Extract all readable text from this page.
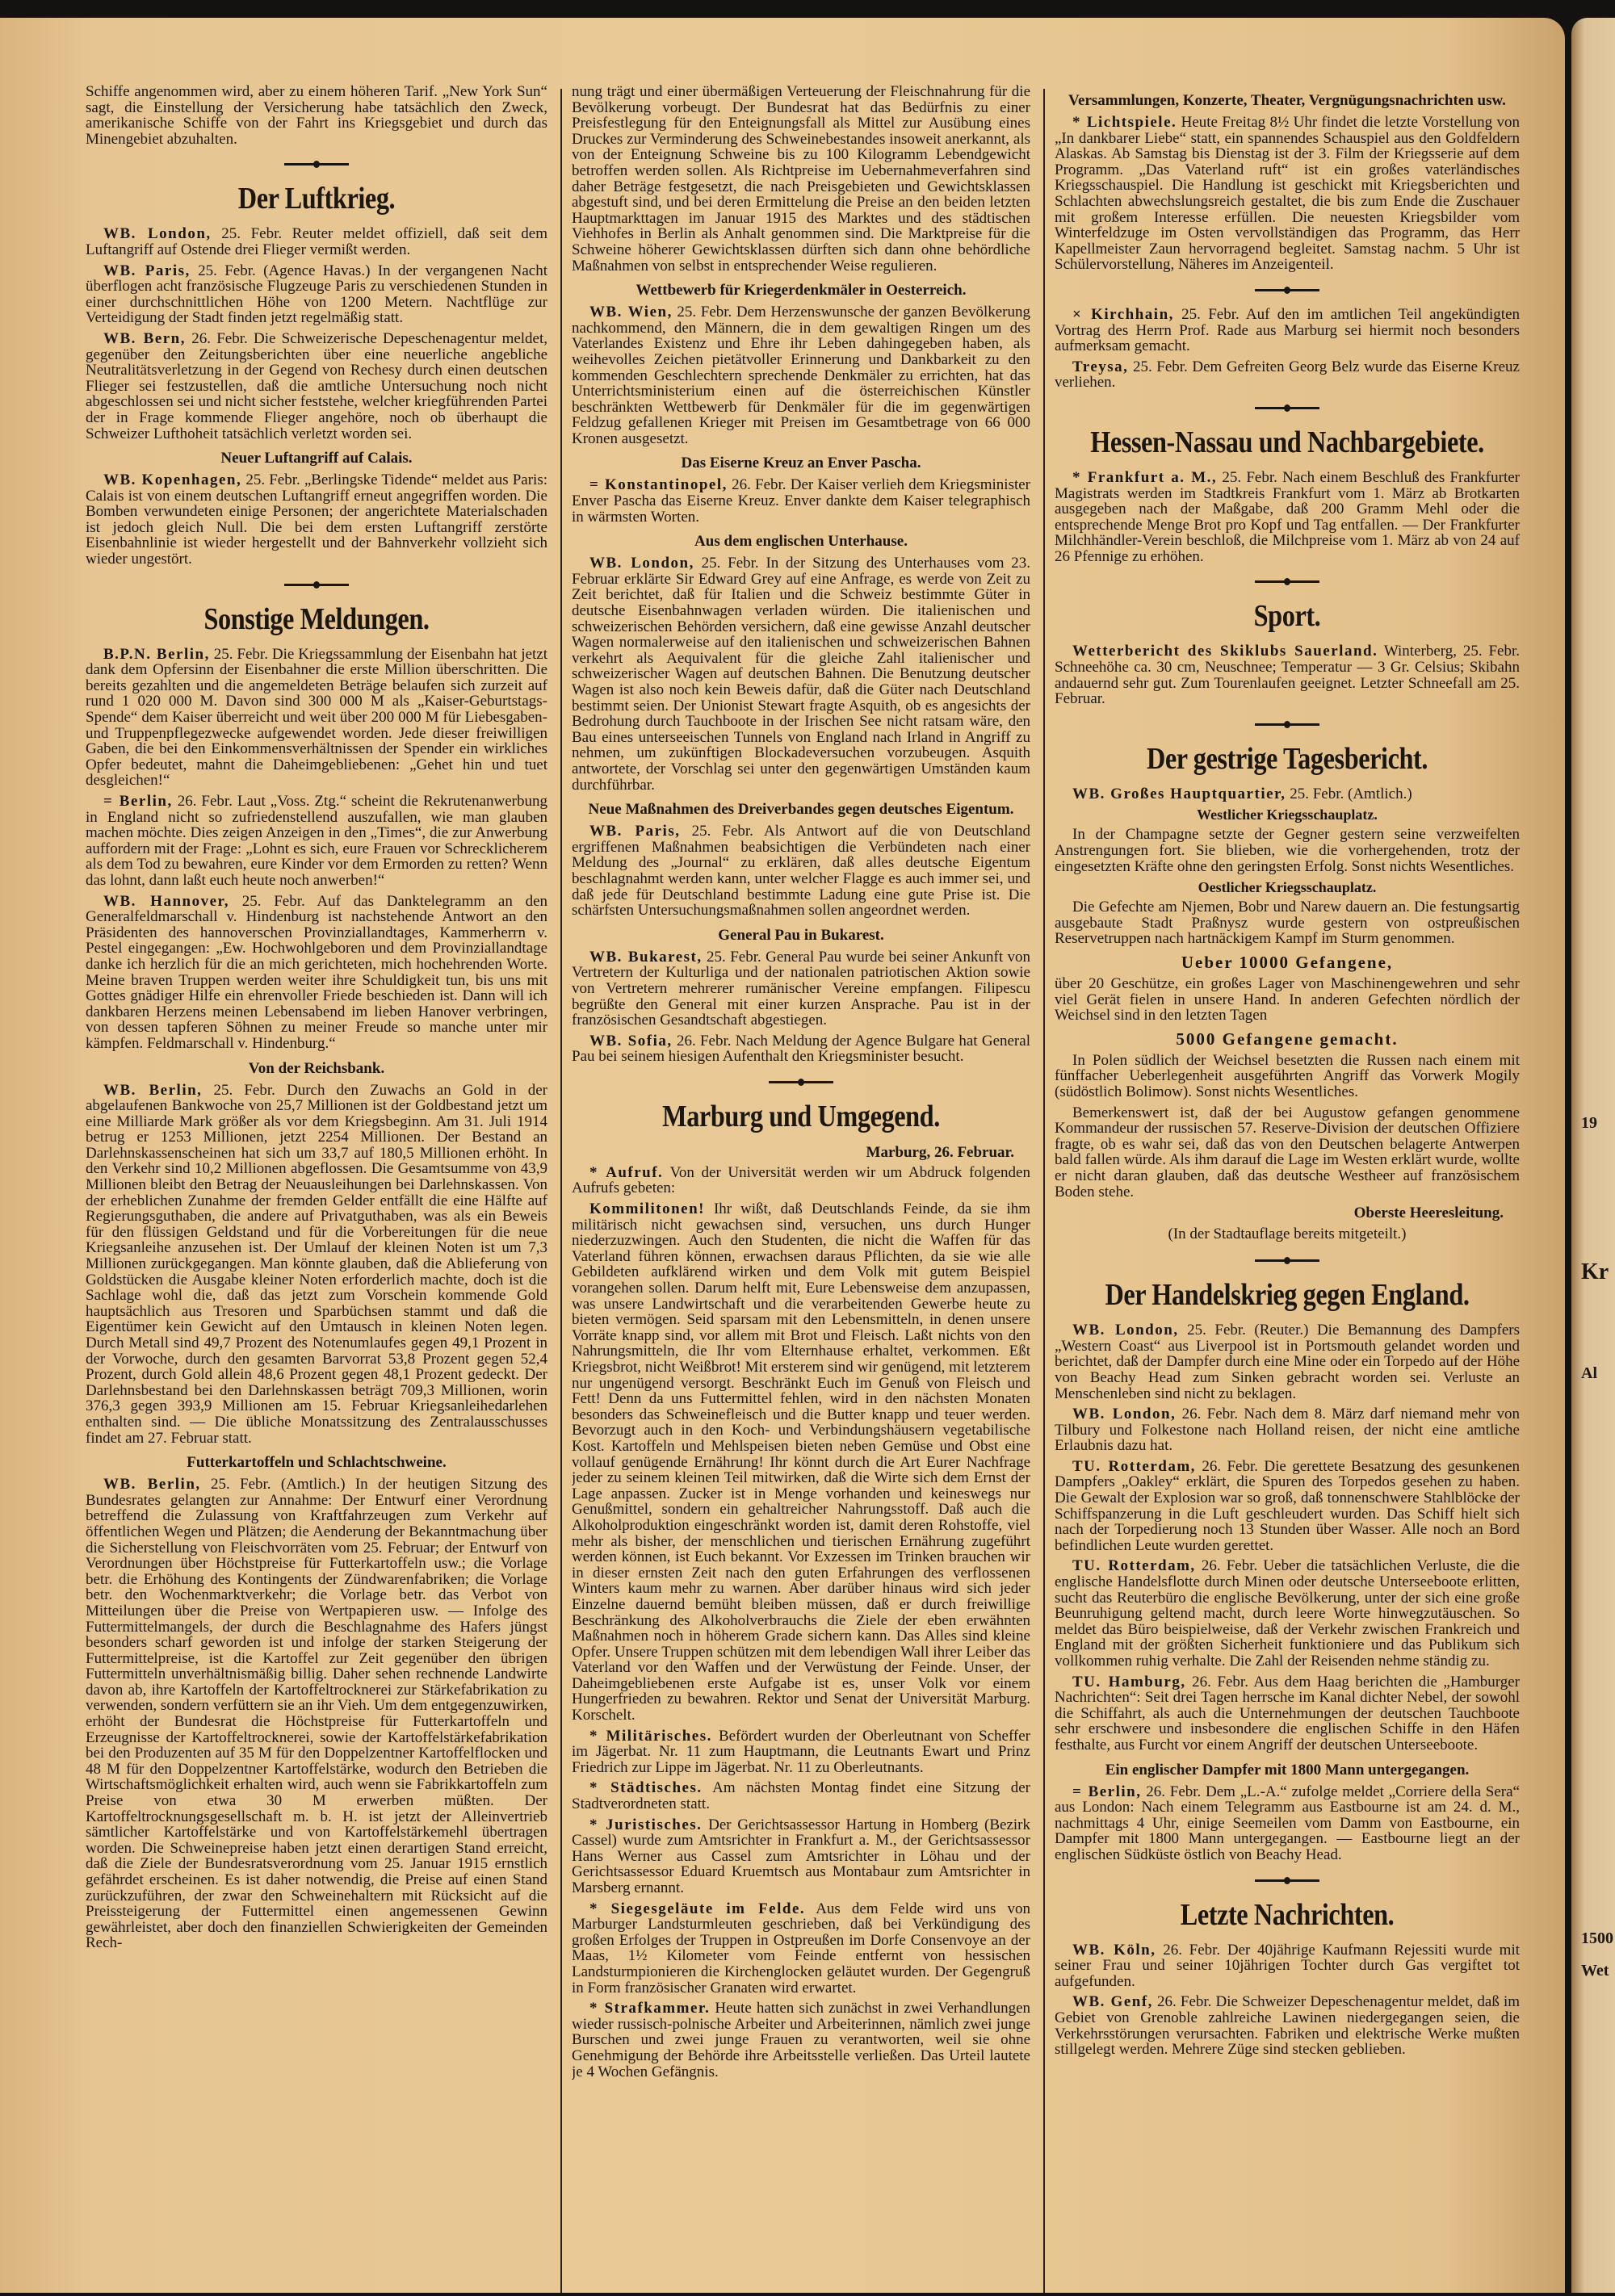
Schiffe angenommen wird, aber zu einem höheren Tarif. „New York Sun“ sagt, die Einstellung der Versicherung habe tatsächlich den Zweck, amerikanische Schiffe von der Fahrt ins Kriegsgebiet und durch das Minengebiet abzuhalten.

Der Luftkrieg.

WB. London, 25. Febr. Reuter meldet offiziell, daß seit dem Luftangriff auf Ostende drei Flieger vermißt werden.

WB. Paris, 25. Febr. (Agence Havas.) In der vergangenen Nacht überflogen acht französische Flugzeuge Paris zu verschiedenen Stunden in einer durchschnittlichen Höhe von 1200 Metern. Nachtflüge zur Verteidigung der Stadt finden jetzt regelmäßig statt.

WB. Bern, 26. Febr. Die Schweizerische Depeschenagentur meldet, gegenüber den Zeitungsberichten über eine neuerliche angebliche Neutralitätsverletzung in der Gegend von Rechesy durch einen deutschen Flieger sei festzustellen, daß die amtliche Untersuchung noch nicht abgeschlossen sei und nicht sicher feststehe, welcher kriegführenden Partei der in Frage kommende Flieger angehöre, noch ob überhaupt die Schweizer Lufthoheit tatsächlich verletzt worden sei.

Neuer Luftangriff auf Calais.

WB. Kopenhagen, 25. Febr. „Berlingske Tidende“ meldet aus Paris: Calais ist von einem deutschen Luftangriff erneut angegriffen worden. Die Bomben verwundeten einige Personen; der angerichtete Materialschaden ist jedoch gleich Null. Die bei dem ersten Luftangriff zerstörte Eisenbahnlinie ist wieder hergestellt und der Bahnverkehr vollzieht sich wieder ungestört.

Sonstige Meldungen.

B.P.N. Berlin, 25. Febr. Die Kriegssammlung der Eisenbahn hat jetzt dank dem Opfersinn der Eisenbahner die erste Million überschritten. Die bereits gezahlten und die angemeldeten Beträge belaufen sich zurzeit auf rund 1 020 000 M. Davon sind 300 000 M als „Kaiser-Geburtstags-Spende“ dem Kaiser überreicht und weit über 200 000 M für Liebesgaben- und Truppenpflegezwecke aufgewendet worden. Jede dieser freiwilligen Gaben, die bei den Einkommensverhältnissen der Spender ein wirkliches Opfer bedeutet, mahnt die Daheimgebliebenen: „Gehet hin und tuet desgleichen!“

= Berlin, 26. Febr. Laut „Voss. Ztg.“ scheint die Rekrutenanwerbung in England nicht so zufriedenstellend auszufallen, wie man glauben machen möchte. Dies zeigen Anzeigen in den „Times“, die zur Anwerbung auffordern mit der Frage: „Lohnt es sich, eure Frauen vor Schrecklicherem als dem Tod zu bewahren, eure Kinder vor dem Ermorden zu retten? Wenn das lohnt, dann laßt euch heute noch anwerben!“

WB. Hannover, 25. Febr. Auf das Danktelegramm an den Generalfeldmarschall v. Hindenburg ist nachstehende Antwort an den Präsidenten des hannoverschen Provinziallandtages, Kammerherrn v. Pestel eingegangen: „Ew. Hochwohlgeboren und dem Provinziallandtage danke ich herzlich für die an mich gerichteten, mich hochehrenden Worte. Meine braven Truppen werden weiter ihre Schuldigkeit tun, bis uns mit Gottes gnädiger Hilfe ein ehrenvoller Friede beschieden ist. Dann will ich dankbaren Herzens meinen Lebensabend im lieben Hanover verbringen, von dessen tapferen Söhnen zu meiner Freude so manche unter mir kämpfen. Feldmarschall v. Hindenburg.“

Von der Reichsbank.

WB. Berlin, 25. Febr. Durch den Zuwachs an Gold in der abgelaufenen Bankwoche von 25,7 Millionen ist der Goldbestand jetzt um eine Milliarde Mark größer als vor dem Kriegsbeginn. Am 31. Juli 1914 betrug er 1253 Millionen, jetzt 2254 Millionen. Der Bestand an Darlehnskassenscheinen hat sich um 33,7 auf 180,5 Millionen erhöht. In den Verkehr sind 10,2 Millionen abgeflossen. Die Gesamtsumme von 43,9 Millionen bleibt den Betrag der Neuausleihungen bei Darlehnskassen. Von der erheblichen Zunahme der fremden Gelder entfällt die eine Hälfte auf Regierungsguthaben, die andere auf Privatguthaben, was als ein Beweis für den flüssigen Geldstand und für die Vorbereitungen für die neue Kriegsanleihe anzusehen ist. Der Umlauf der kleinen Noten ist um 7,3 Millionen zurückgegangen. Man könnte glauben, daß die Ablieferung von Goldstücken die Ausgabe kleiner Noten erforderlich machte, doch ist die Sachlage wohl die, daß das jetzt zum Vorschein kommende Gold hauptsächlich aus Tresoren und Sparbüchsen stammt und daß die Eigentümer kein Gewicht auf den Umtausch in kleinen Noten legen. Durch Metall sind 49,7 Prozent des Notenumlaufes gegen 49,1 Prozent in der Vorwoche, durch den gesamten Barvorrat 53,8 Prozent gegen 52,4 Prozent, durch Gold allein 48,6 Prozent gegen 48,1 Prozent gedeckt. Der Darlehnsbestand bei den Darlehnskassen beträgt 709,3 Millionen, worin 376,3 gegen 393,9 Millionen am 15. Februar Kriegsanleihedarlehen enthalten sind. — Die übliche Monatssitzung des Zentralausschusses findet am 27. Februar statt.

Futterkartoffeln und Schlachtschweine.

WB. Berlin, 25. Febr. (Amtlich.) In der heutigen Sitzung des Bundesrates gelangten zur Annahme: Der Entwurf einer Verordnung betreffend die Zulassung von Kraftfahrzeugen zum Verkehr auf öffentlichen Wegen und Plätzen; die Aenderung der Bekanntmachung über die Sicherstellung von Fleischvorräten vom 25. Februar; der Entwurf von Verordnungen über Höchstpreise für Futterkartoffeln usw.; die Vorlage betr. die Erhöhung des Kontingents der Zündwarenfabriken; die Vorlage betr. den Wochenmarktverkehr; die Vorlage betr. das Verbot von Mitteilungen über die Preise von Wertpapieren usw. — Infolge des Futtermittelmangels, der durch die Beschlagnahme des Hafers jüngst besonders scharf geworden ist und infolge der starken Steigerung der Futtermittelpreise, ist die Kartoffel zur Zeit gegenüber den übrigen Futtermitteln unverhältnismäßig billig. Daher sehen rechnende Landwirte davon ab, ihre Kartoffeln der Kartoffeltrocknerei zur Stärkefabrikation zu verwenden, sondern verfüttern sie an ihr Vieh. Um dem entgegenzuwirken, erhöht der Bundesrat die Höchstpreise für Futterkartoffeln und Erzeugnisse der Kartoffeltrocknerei, sowie der Kartoffelstärkefabrikation bei den Produzenten auf 35 M für den Doppelzentner Kartoffelflocken und 48 M für den Doppelzentner Kartoffelstärke, wodurch den Betrieben die Wirtschaftsmöglichkeit erhalten wird, auch wenn sie Fabrikkartoffeln zum Preise von etwa 30 M erwerben müßten. Der Kartoffeltrocknungsgesellschaft m. b. H. ist jetzt der Alleinvertrieb sämtlicher Kartoffelstärke und von Kartoffelstärkemehl übertragen worden. Die Schweinepreise haben jetzt einen derartigen Stand erreicht, daß die Ziele der Bundesratsverordnung vom 25. Januar 1915 ernstlich gefährdet erscheinen. Es ist daher notwendig, die Preise auf einen Stand zurückzuführen, der zwar den Schweinehaltern mit Rücksicht auf die Preissteigerung der Futtermittel einen angemessenen Gewinn gewährleistet, aber doch den finanziellen Schwierigkeiten der Gemeinden Rech-

nung trägt und einer übermäßigen Verteuerung der Fleischnahrung für die Bevölkerung vorbeugt. Der Bundesrat hat das Bedürfnis zu einer Preisfestlegung für den Enteignungsfall als Mittel zur Ausübung eines Druckes zur Verminderung des Schweinebestandes insoweit anerkannt, als von der Enteignung Schweine bis zu 100 Kilogramm Lebendgewicht betroffen werden sollen. Als Richtpreise im Uebernahmeverfahren sind daher Beträge festgesetzt, die nach Preisgebieten und Gewichtsklassen abgestuft sind, und bei deren Ermittelung die Preise an den beiden letzten Hauptmarkttagen im Januar 1915 des Marktes und des städtischen Viehhofes in Berlin als Anhalt genommen sind. Die Marktpreise für die Schweine höherer Gewichtsklassen dürften sich dann ohne behördliche Maßnahmen von selbst in entsprechender Weise regulieren.

Wettbewerb für Kriegerdenkmäler in Oesterreich.

WB. Wien, 25. Febr. Dem Herzenswunsche der ganzen Bevölkerung nachkommend, den Männern, die in dem gewaltigen Ringen um des Vaterlandes Existenz und Ehre ihr Leben dahingegeben haben, als weihevolles Zeichen pietätvoller Erinnerung und Dankbarkeit zu den kommenden Geschlechtern sprechende Denkmäler zu errichten, hat das Unterrichtsministerium einen auf die österreichischen Künstler beschränkten Wettbewerb für Denkmäler für die im gegenwärtigen Feldzug gefallenen Krieger mit Preisen im Gesamtbetrage von 66 000 Kronen ausgesetzt.

Das Eiserne Kreuz an Enver Pascha.

= Konstantinopel, 26. Febr. Der Kaiser verlieh dem Kriegsminister Enver Pascha das Eiserne Kreuz. Enver dankte dem Kaiser telegraphisch in wärmsten Worten.

Aus dem englischen Unterhause.

WB. London, 25. Febr. In der Sitzung des Unterhauses vom 23. Februar erklärte Sir Edward Grey auf eine Anfrage, es werde von Zeit zu Zeit berichtet, daß für Italien und die Schweiz bestimmte Güter in deutsche Eisenbahnwagen verladen würden. Die italienischen und schweizerischen Behörden versichern, daß eine gewisse Anzahl deutscher Wagen normalerweise auf den italienischen und schweizerischen Bahnen verkehrt als Aequivalent für die gleiche Zahl italienischer und schweizerischer Wagen auf deutschen Bahnen. Die Benutzung deutscher Wagen ist also noch kein Beweis dafür, daß die Güter nach Deutschland bestimmt seien. Der Unionist Stewart fragte Asquith, ob es angesichts der Bedrohung durch Tauchboote in der Irischen See nicht ratsam wäre, den Bau eines unterseeischen Tunnels von England nach Irland in Angriff zu nehmen, um zukünftigen Blockadeversuchen vorzubeugen. Asquith antwortete, der Vorschlag sei unter den gegenwärtigen Umständen kaum durchführbar.

Neue Maßnahmen des Dreiverbandes gegen deutsches Eigentum.

WB. Paris, 25. Febr. Als Antwort auf die von Deutschland ergriffenen Maßnahmen beabsichtigen die Verbündeten nach einer Meldung des „Journal“ zu erklären, daß alles deutsche Eigentum beschlagnahmt werden kann, unter welcher Flagge es auch immer sei, und daß jede für Deutschland bestimmte Ladung eine gute Prise ist. Die schärfsten Untersuchungsmaßnahmen sollen angeordnet werden.

General Pau in Bukarest.

WB. Bukarest, 25. Febr. General Pau wurde bei seiner Ankunft von Vertretern der Kulturliga und der nationalen patriotischen Aktion sowie von Vertretern mehrerer rumänischer Vereine empfangen. Filipescu begrüßte den General mit einer kurzen Ansprache. Pau ist in der französischen Gesandtschaft abgestiegen.

WB. Sofia, 26. Febr. Nach Meldung der Agence Bulgare hat General Pau bei seinem hiesigen Aufenthalt den Kriegsminister besucht.

Marburg und Umgegend.
Marburg, 26. Februar.

* Aufruf. Von der Universität werden wir um Abdruck folgenden Aufrufs gebeten:

Kommilitonen! Ihr wißt, daß Deutschlands Feinde, da sie ihm militärisch nicht gewachsen sind, versuchen, uns durch Hunger niederzuzwingen. Auch den Studenten, die nicht die Waffen für das Vaterland führen können, erwachsen daraus Pflichten, da sie wie alle Gebildeten aufklärend wirken und dem Volk mit gutem Beispiel vorangehen sollen. Darum helft mit, Eure Lebensweise dem anzupassen, was unsere Landwirtschaft und die verarbeitenden Gewerbe heute zu bieten vermögen. Seid sparsam mit den Lebensmitteln, in denen unsere Vorräte knapp sind, vor allem mit Brot und Fleisch. Laßt nichts von den Nahrungsmitteln, die Ihr vom Elternhause erhaltet, verkommen. Eßt Kriegsbrot, nicht Weißbrot! Mit ersterem sind wir genügend, mit letzterem nur ungenügend versorgt. Beschränkt Euch im Genuß von Fleisch und Fett! Denn da uns Futtermittel fehlen, wird in den nächsten Monaten besonders das Schweinefleisch und die Butter knapp und teuer werden. Bevorzugt auch in den Koch- und Verbindungshäusern vegetabilische Kost. Kartoffeln und Mehlspeisen bieten neben Gemüse und Obst eine vollauf genügende Ernährung! Ihr könnt durch die Art Eurer Nachfrage jeder zu seinem kleinen Teil mitwirken, daß die Wirte sich dem Ernst der Lage anpassen. Zucker ist in Menge vorhanden und keineswegs nur Genußmittel, sondern ein gehaltreicher Nahrungsstoff. Daß auch die Alkoholproduktion eingeschränkt worden ist, damit deren Rohstoffe, viel mehr als bisher, der menschlichen und tierischen Ernährung zugeführt werden können, ist Euch bekannt. Vor Exzessen im Trinken brauchen wir in dieser ernsten Zeit nach den guten Erfahrungen des verflossenen Winters kaum mehr zu warnen. Aber darüber hinaus wird sich jeder Einzelne dauernd bemüht bleiben müssen, daß er durch freiwillige Beschränkung des Alkoholverbrauchs die Ziele der eben erwähnten Maßnahmen noch in höherem Grade sichern kann. Das Alles sind kleine Opfer. Unsere Truppen schützen mit dem lebendigen Wall ihrer Leiber das Vaterland vor den Waffen und der Verwüstung der Feinde. Unser, der Daheimgebliebenen erste Aufgabe ist es, unser Volk vor einem Hungerfrieden zu bewahren. Rektor und Senat der Universität Marburg. Korschelt.

* Militärisches. Befördert wurden der Oberleutnant von Scheffer im Jägerbat. Nr. 11 zum Hauptmann, die Leutnants Ewart und Prinz Friedrich zur Lippe im Jägerbat. Nr. 11 zu Oberleutnants.

* Städtisches. Am nächsten Montag findet eine Sitzung der Stadtverordneten statt.

* Juristisches. Der Gerichtsassessor Hartung in Homberg (Bezirk Cassel) wurde zum Amtsrichter in Frankfurt a. M., der Gerichtsassessor Hans Werner aus Cassel zum Amtsrichter in Löhau und der Gerichtsassessor Eduard Kruemtsch aus Montabaur zum Amtsrichter in Marsberg ernannt.

* Siegesgeläute im Felde. Aus dem Felde wird uns von Marburger Landsturmleuten geschrieben, daß bei Verkündigung des großen Erfolges der Truppen in Ostpreußen im Dorfe Consenvoye an der Maas, 1½ Kilometer vom Feinde entfernt von hessischen Landsturmpionieren die Kirchenglocken geläutet wurden. Der Gegengruß in Form französischer Granaten wird erwartet.

* Strafkammer. Heute hatten sich zunächst in zwei Verhandlungen wieder russisch-polnische Arbeiter und Arbeiterinnen, nämlich zwei junge Burschen und zwei junge Frauen zu verantworten, weil sie ohne Genehmigung der Behörde ihre Arbeitsstelle verließen. Das Urteil lautete je 4 Wochen Gefängnis.

Versammlungen, Konzerte, Theater, Vergnügungsnachrichten usw.

* Lichtspiele. Heute Freitag 8½ Uhr findet die letzte Vorstellung von „In dankbarer Liebe“ statt, ein spannendes Schauspiel aus den Goldfeldern Alaskas. Ab Samstag bis Dienstag ist der 3. Film der Kriegsserie auf dem Programm. „Das Vaterland ruft“ ist ein großes vaterländisches Kriegsschauspiel. Die Handlung ist geschickt mit Kriegsberichten und Schlachten abwechslungsreich gestaltet, die bis zum Ende die Zuschauer mit großem Interesse erfüllen. Die neuesten Kriegsbilder vom Winterfeldzuge im Osten vervollständigen das Programm, das Herr Kapellmeister Zaun hervorragend begleitet. Samstag nachm. 5 Uhr ist Schülervorstellung, Näheres im Anzeigenteil.

× Kirchhain, 25. Febr. Auf den im amtlichen Teil angekündigten Vortrag des Herrn Prof. Rade aus Marburg sei hiermit noch besonders aufmerksam gemacht.

Treysa, 25. Febr. Dem Gefreiten Georg Belz wurde das Eiserne Kreuz verliehen.

Hessen-Nassau und Nachbargebiete.

* Frankfurt a. M., 25. Febr. Nach einem Beschluß des Frankfurter Magistrats werden im Stadtkreis Frankfurt vom 1. März ab Brotkarten ausgegeben nach der Maßgabe, daß 200 Gramm Mehl oder die entsprechende Menge Brot pro Kopf und Tag entfallen. — Der Frankfurter Milchhändler-Verein beschloß, die Milchpreise vom 1. März ab von 24 auf 26 Pfennige zu erhöhen.

Sport.

Wetterbericht des Skiklubs Sauerland. Winterberg, 25. Febr. Schneehöhe ca. 30 cm, Neuschnee; Temperatur — 3 Gr. Celsius; Skibahn andauernd sehr gut. Zum Tourenlaufen geeignet. Letzter Schneefall am 25. Februar.

Der gestrige Tagesbericht.

WB. Großes Hauptquartier, 25. Febr. (Amtlich.)

Westlicher Kriegsschauplatz.

In der Champagne setzte der Gegner gestern seine verzweifelten Anstrengungen fort. Sie blieben, wie die vorhergehenden, trotz der eingesetzten Kräfte ohne den geringsten Erfolg. Sonst nichts Wesentliches.

Oestlicher Kriegsschauplatz.

Die Gefechte am Njemen, Bobr und Narew dauern an. Die festungsartig ausgebaute Stadt Praßnysz wurde gestern von ostpreußischen Reservetruppen nach hartnäckigem Kampf im Sturm genommen.

Ueber 10000 Gefangene,

über 20 Geschütze, ein großes Lager von Maschinengewehren und sehr viel Gerät fielen in unsere Hand. In anderen Gefechten nördlich der Weichsel sind in den letzten Tagen

5000 Gefangene gemacht.

In Polen südlich der Weichsel besetzten die Russen nach einem mit fünffacher Ueberlegenheit ausgeführten Angriff das Vorwerk Mogily (südöstlich Bolimow). Sonst nichts Wesentliches.

Bemerkenswert ist, daß der bei Augustow gefangen genommene Kommandeur der russischen 57. Reserve-Division der deutschen Offiziere fragte, ob es wahr sei, daß das von den Deutschen belagerte Antwerpen bald fallen würde. Als ihm darauf die Lage im Westen erklärt wurde, wollte er nicht daran glauben, daß das deutsche Westheer auf französischem Boden stehe.

Oberste Heeresleitung.
(In der Stadtauflage bereits mitgeteilt.)
Der Handelskrieg gegen England.

WB. London, 25. Febr. (Reuter.) Die Bemannung des Dampfers „Western Coast“ aus Liverpool ist in Portsmouth gelandet worden und berichtet, daß der Dampfer durch eine Mine oder ein Torpedo auf der Höhe von Beachy Head zum Sinken gebracht worden sei. Verluste an Menschenleben sind nicht zu beklagen.

WB. London, 26. Febr. Nach dem 8. März darf niemand mehr von Tilbury und Folkestone nach Holland reisen, der nicht eine amtliche Erlaubnis dazu hat.

TU. Rotterdam, 26. Febr. Die gerettete Besatzung des gesunkenen Dampfers „Oakley“ erklärt, die Spuren des Torpedos gesehen zu haben. Die Gewalt der Explosion war so groß, daß tonnenschwere Stahlblöcke der Schiffspanzerung in die Luft geschleudert wurden. Das Schiff hielt sich nach der Torpedierung noch 13 Stunden über Wasser. Alle noch an Bord befindlichen Leute wurden gerettet.

TU. Rotterdam, 26. Febr. Ueber die tatsächlichen Verluste, die die englische Handelsflotte durch Minen oder deutsche Unterseeboote erlitten, sucht das Reuterbüro die englische Bevölkerung, unter der sich eine große Beunruhigung geltend macht, durch leere Worte hinwegzutäuschen. So meldet das Büro beispielweise, daß der Verkehr zwischen Frankreich und England mit der größten Sicherheit funktioniere und das Publikum sich vollkommen ruhig verhalte. Die Zahl der Reisenden nehme ständig zu.

TU. Hamburg, 26. Febr. Aus dem Haag berichten die „Hamburger Nachrichten“: Seit drei Tagen herrsche im Kanal dichter Nebel, der sowohl die Schiffahrt, als auch die Unternehmungen der deutschen Tauchboote sehr erschwere und insbesondere die englischen Schiffe in den Häfen festhalte, aus Furcht vor einem Angriff der deutschen Unterseeboote.

Ein englischer Dampfer mit 1800 Mann untergegangen.

= Berlin, 26. Febr. Dem „L.-A.“ zufolge meldet „Corriere della Sera“ aus London: Nach einem Telegramm aus Eastbourne ist am 24. d. M., nachmittags 4 Uhr, einige Seemeilen vom Damm von Eastbourne, ein Dampfer mit 1800 Mann untergegangen. — Eastbourne liegt an der englischen Südküste östlich von Beachy Head.

Letzte Nachrichten.

WB. Köln, 26. Febr. Der 40jährige Kaufmann Rejessiti wurde mit seiner Frau und seiner 10jährigen Tochter durch Gas vergiftet tot aufgefunden.

WB. Genf, 26. Febr. Die Schweizer Depeschenagentur meldet, daß im Gebiet von Grenoble zahlreiche Lawinen niedergegangen seien, die Verkehrsstörungen verursachten. Fabriken und elektrische Werke mußten stillgelegt werden. Mehrere Züge sind stecken geblieben.

19
Kr
Al
1500
Wet
